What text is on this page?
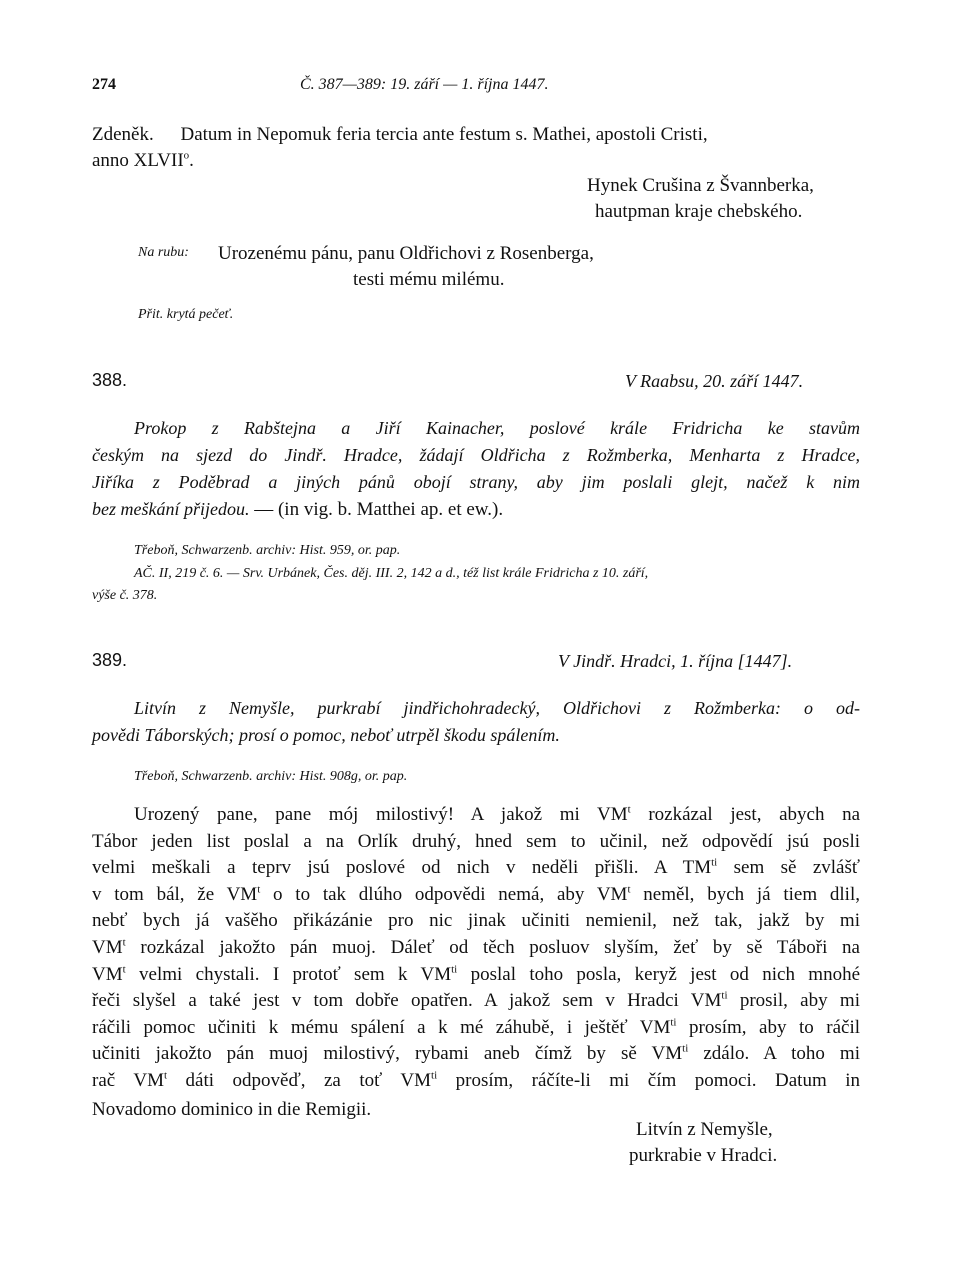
274	Č. 387—389: 19. září — 1. října 1447.
Zdeněk. Datum in Nepomuk feria tercia ante festum s. Mathei, apostoli Cristi,
anno XLVII$^o$.
Hynek Crušina z Švannberka,
hautpman kraje chebského.
Na rubu: Urozenému pánu, panu Oldřichovi z Rosenberga,
testi mému milému.
Přit. krytá pečeť.
388.	V Raabsu, 20. září 1447.
Prokop z Rabštejna a Jiří Kainacher, poslové krále Fridricha ke stavům
českým na sjezd do Jindř. Hradce, žádají Oldřicha z Rožmberka, Menharta z Hradce,
Jiříka z Poděbrad a jiných pánů obojí strany, aby jim poslali glejt, načež k nim
bez meškání přijedou. — (in vig. b. Matthei ap. et ew.).
Třeboň, Schwarzenb. archiv: Hist. 959, or. pap.
AČ. II, 219 č. 6. — Srv. Urbánek, Čes. děj. III. 2, 142 a d., též list krále Fridricha z 10. září,
výše č. 378.
389.	V Jindř. Hradci, 1. října [1447].
Litvín z Nemyšle, purkrabí jindřichohradecký, Oldřichovi z Rožmberka: o od-
povědi Táborských; prosí o pomoc, neboť utrpěl škodu spálením.
Třeboň, Schwarzenb. archiv: Hist. 908g, or. pap.
Urozený pane, pane mój milostivý! A jakož mi $VM^t$ rozkázal jest, abych na
Tábor jeden list poslal a na Orlík druhý, hned sem to učinil, než odpovědí jsú posli
velmi meškali a teprv jsú poslové od nich v neděli přišli. A $TM^{ti}$ sem sě zvlášť
v tom bál, že $VM^t$ o to tak dlúho odpovědi nemá, aby $VM^t$ neměl, bych já tiem dlil,
nebť bych já vašěho přikázánie pro nic jinak učiniti nemienil, než tak, jakž by mi
$VM^t$ rozkázal jakožto pán muoj. Dáleť od těch posluov slyším, žeť by sě Tábořі na
$VM^t$ velmi chystali. I protoť sem k $VM^{ti}$ poslal toho posla, keryž jest od nich mnohé
řeči slyšel a také jest v tom dobře opatřen. A jakož sem v Hradci $VM^{ti}$ prosil, aby mi
ráčili pomoc učiniti k mému spálení a k mé záhubě, i ještěť $VM^{ti}$ prosím, aby to ráčil
učiniti jakožto pán muoj milostivý, rybami aneb čímž by sě $VM^{ti}$ zdálo. A toho mi
rač $VM^t$ dáti odpověď, za toť $VM^{ti}$ prosím, ráčíte-li mi čím pomoci. Datum in
Novadomo dominico in die Remigii.
Litvín z Nemyšle,
purkrabie v Hradci.
